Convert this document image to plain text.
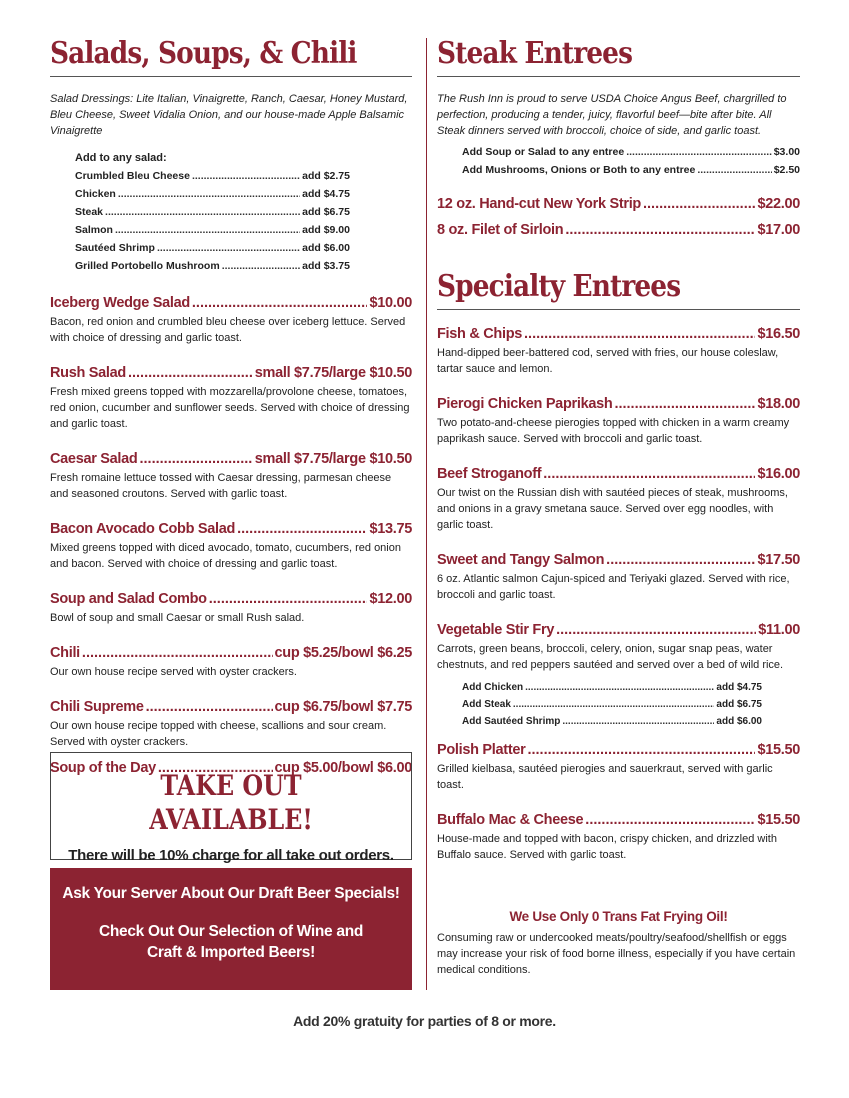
Salads, Soups, & Chili
Salad Dressings: Lite Italian, Vinaigrette, Ranch, Caesar, Honey Mustard, Bleu Cheese, Sweet Vidalia Onion, and our house-made Apple Balsamic Vinaigrette
Add to any salad:
Crumbled Bleu Cheese .....	add $2.75
Chicken .....	add $4.75
Steak .....	add $6.75
Salmon .....	add $9.00
Sautéed Shrimp .....	add $6.00
Grilled Portobello Mushroom .....	add $3.75
Iceberg Wedge Salad .....	$10.00
Bacon, red onion and crumbled bleu cheese over iceberg lettuce. Served with choice of dressing and garlic toast.
Rush Salad .....	small $7.75/large $10.50
Fresh mixed greens topped with mozzarella/provolone cheese, tomatoes, red onion, cucumber and sunflower seeds. Served with choice of dressing and garlic toast.
Caesar Salad .....	small $7.75/large $10.50
Fresh romaine lettuce tossed with Caesar dressing, parmesan cheese and seasoned croutons. Served with garlic toast.
Bacon Avocado Cobb Salad .....	$13.75
Mixed greens topped with diced avocado, tomato, cucumbers, red onion and bacon. Served with choice of dressing and garlic toast.
Soup and Salad Combo .....	$12.00
Bowl of soup and small Caesar or small Rush salad.
Chili .....	cup $5.25/bowl $6.25
Our own house recipe served with oyster crackers.
Chili Supreme .....	cup $6.75/bowl $7.75
Our own house recipe topped with cheese, scallions and sour cream. Served with oyster crackers.
Soup of the Day .....	cup $5.00/bowl $6.00
TAKE OUT AVAILABLE!
There will be 10% charge for all take out orders.
Ask Your Server About Our Draft Beer Specials!
Check Out Our Selection of Wine and
Craft & Imported Beers!
Steak Entrees
The Rush Inn is proud to serve USDA Choice Angus Beef, chargrilled to perfection, producing a tender, juicy, flavorful beef—bite after bite. All Steak dinners served with broccoli, choice of side, and garlic toast.
Add Soup or Salad to any entree .....	$3.00
Add Mushrooms, Onions or Both to any entree .....	$2.50
12 oz. Hand-cut New York Strip .....	$22.00
8 oz. Filet of Sirloin .....	$17.00
Specialty Entrees
Fish & Chips .....	$16.50
Hand-dipped beer-battered cod, served with fries, our house coleslaw, tartar sauce and lemon.
Pierogi Chicken Paprikash .....	$18.00
Two potato-and-cheese pierogies topped with chicken in a warm creamy paprikash sauce. Served with broccoli and garlic toast.
Beef Stroganoff .....	$16.00
Our twist on the Russian dish with sautéed pieces of steak, mushrooms, and onions in a gravy smetana sauce. Served over egg noodles, with garlic toast.
Sweet and Tangy Salmon .....	$17.50
6 oz. Atlantic salmon Cajun-spiced and Teriyaki glazed. Served with rice, broccoli and garlic toast.
Vegetable Stir Fry .....	$11.00
Carrots, green beans, broccoli, celery, onion, sugar snap peas, water chestnuts, and red peppers sautéed and served over a bed of wild rice.
Add Chicken .....	add $4.75
Add Steak .....	add $6.75
Add Sautéed Shrimp .....	add $6.00
Polish Platter .....	$15.50
Grilled kielbasa, sautéed pierogies and sauerkraut, served with garlic toast.
Buffalo Mac & Cheese .....	$15.50
House-made and topped with bacon, crispy chicken, and drizzled with Buffalo sauce. Served with garlic toast.
We Use Only 0 Trans Fat Frying Oil!
Consuming raw or undercooked meats/poultry/seafood/shellfish or eggs may increase your risk of food borne illness, especially if you have certain medical conditions.
Add 20% gratuity for parties of 8 or more.
